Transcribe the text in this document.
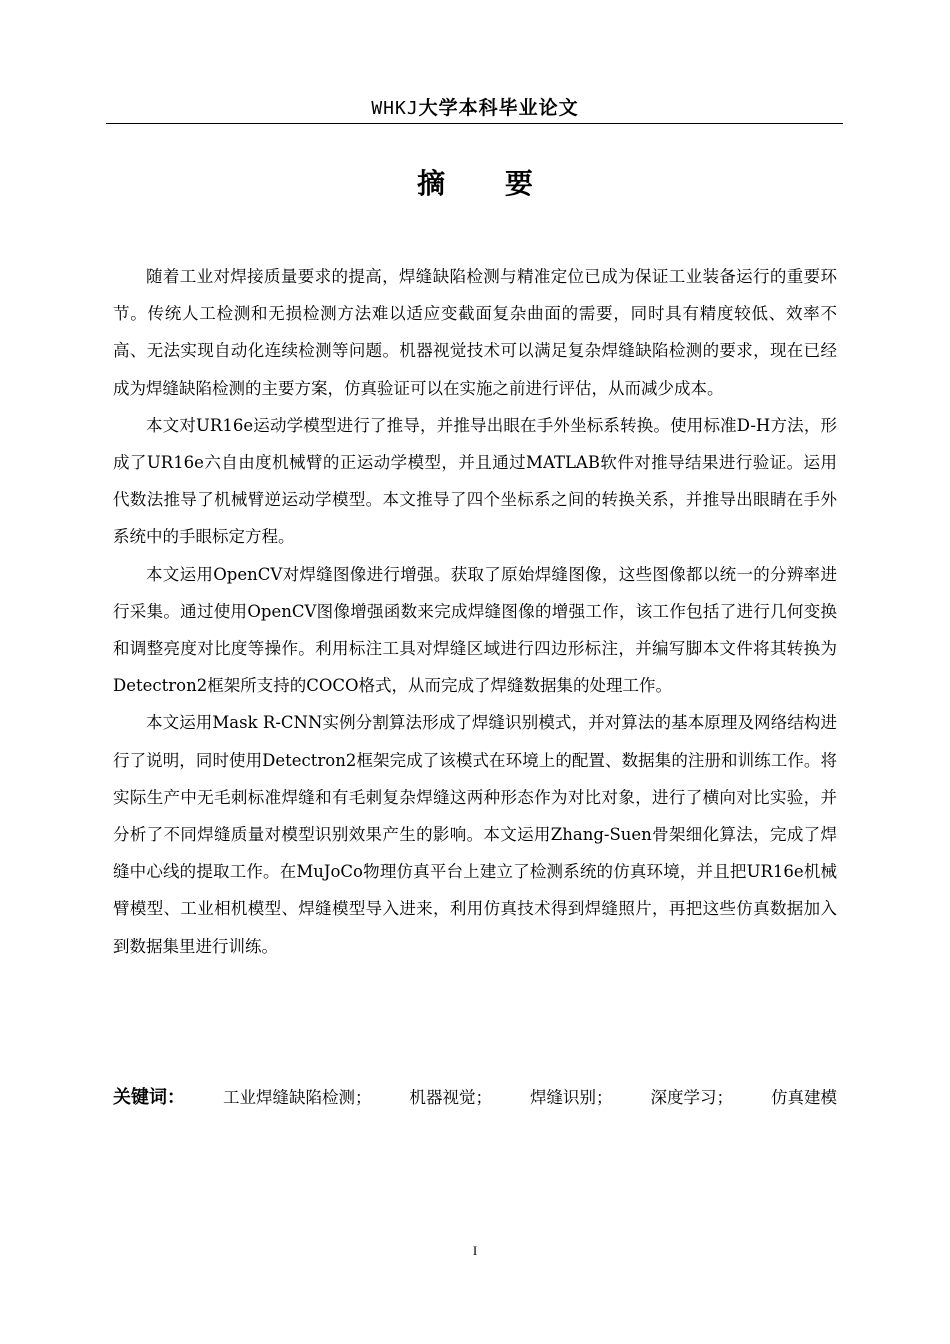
WHKJ大学本科毕业论文
摘 要

随着工业对焊接质量要求的提高，焊缝缺陷检测与精准定位已成为保证工业装备运行的重要环节。传统人工检测和无损检测方法难以适应变截面复杂曲面的需要，同时具有精度较低、效率不高、无法实现自动化连续检测等问题。机器视觉技术可以满足复杂焊缝缺陷检测的要求，现在已经成为焊缝缺陷检测的主要方案，仿真验证可以在实施之前进行评估，从而减少成本。

本文对UR16e运动学模型进行了推导，并推导出眼在手外坐标系转换。使用标准D-H方法，形成了UR16e六自由度机械臂的正运动学模型，并且通过MATLAB软件对推导结果进行验证。运用代数法推导了机械臂逆运动学模型。本文推导了四个坐标系之间的转换关系，并推导出眼睛在手外系统中的手眼标定方程。

本文运用OpenCV对焊缝图像进行增强。获取了原始焊缝图像，这些图像都以统一的分辨率进行采集。通过使用OpenCV图像增强函数来完成焊缝图像的增强工作，该工作包括了进行几何变换和调整亮度对比度等操作。利用标注工具对焊缝区域进行四边形标注，并编写脚本文件将其转换为Detectron2框架所支持的COCO格式，从而完成了焊缝数据集的处理工作。

本文运用Mask R-CNN实例分割算法形成了焊缝识别模式，并对算法的基本原理及网络结构进行了说明，同时使用Detectron2框架完成了该模式在环境上的配置、数据集的注册和训练工作。将实际生产中无毛刺标准焊缝和有毛刺复杂焊缝这两种形态作为对比对象，进行了横向对比实验，并分析了不同焊缝质量对模型识别效果产生的影响。本文运用Zhang-Suen骨架细化算法，完成了焊缝中心线的提取工作。在MuJoCo物理仿真平台上建立了检测系统的仿真环境，并且把UR16e机械臂模型、工业相机模型、焊缝模型导入进来，利用仿真技术得到焊缝照片，再把这些仿真数据加入到数据集里进行训练。

关键词： 工业焊缝缺陷检测； 机器视觉； 焊缝识别； 深度学习； 仿真建模
I
